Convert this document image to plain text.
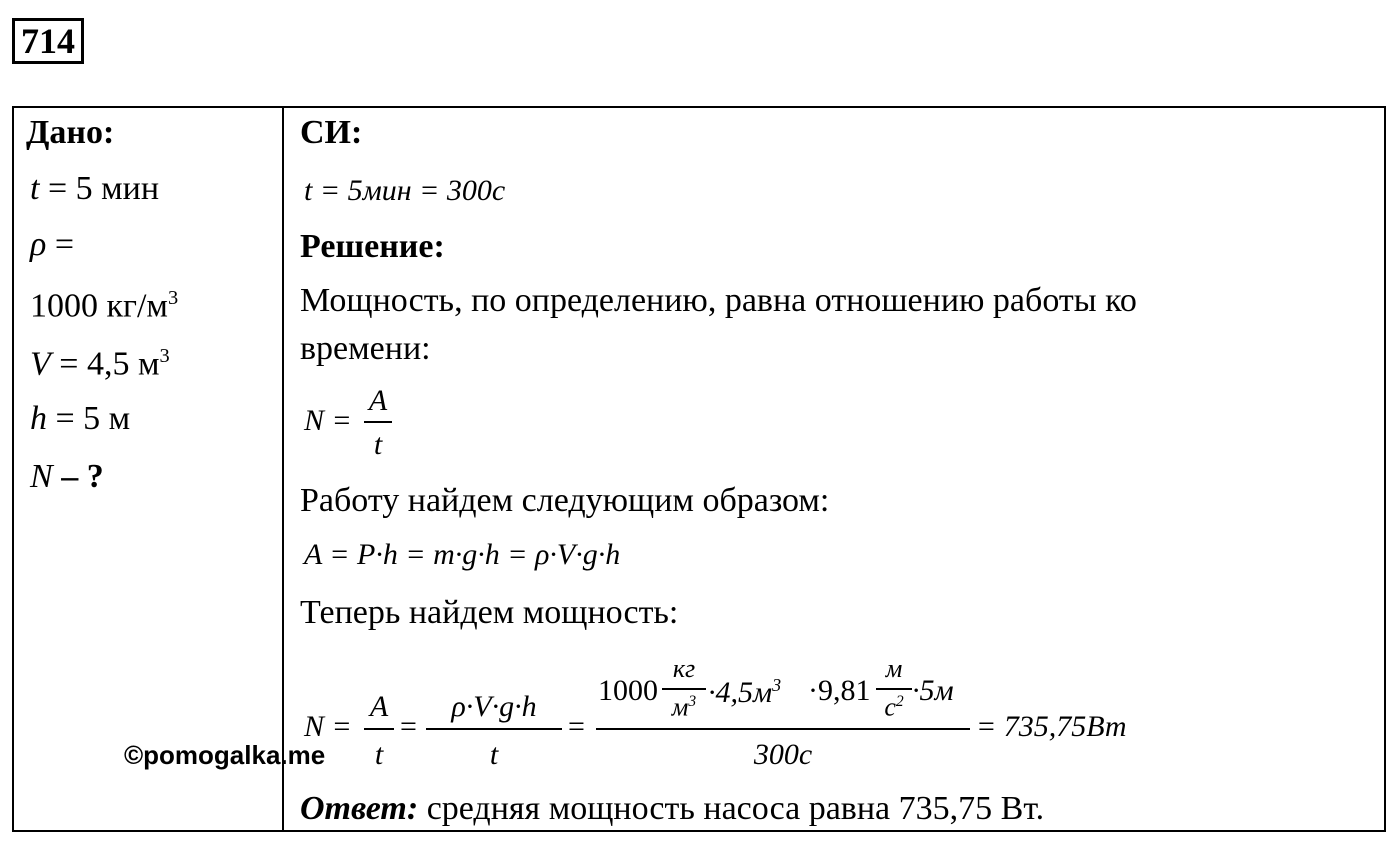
714
Дано:
t = 5 мин
ρ =
1000 $кг/м^3$
V = 4,5 $м^3$
h = 5 м
N – ?
СИ:
t = 5мин = 300с
Решение:
Мощность, по определению, равна отношению работы ко
времени:
N =
A
t
Работу найдем следующим образом:
A = P·h = m·g·h = ρ·V·g·h
Теперь найдем мощность:
N =
A
t
=
ρ·V·g·h
t
=
1000
кг
$м^3 \cdot 4,5м^3 \cdot 9,81$
м
$с^2 \cdot 5м$
300с
= 735,75Вт
©pomogalka.me
Ответ: средняя мощность насоса равна 735,75 Вт.
